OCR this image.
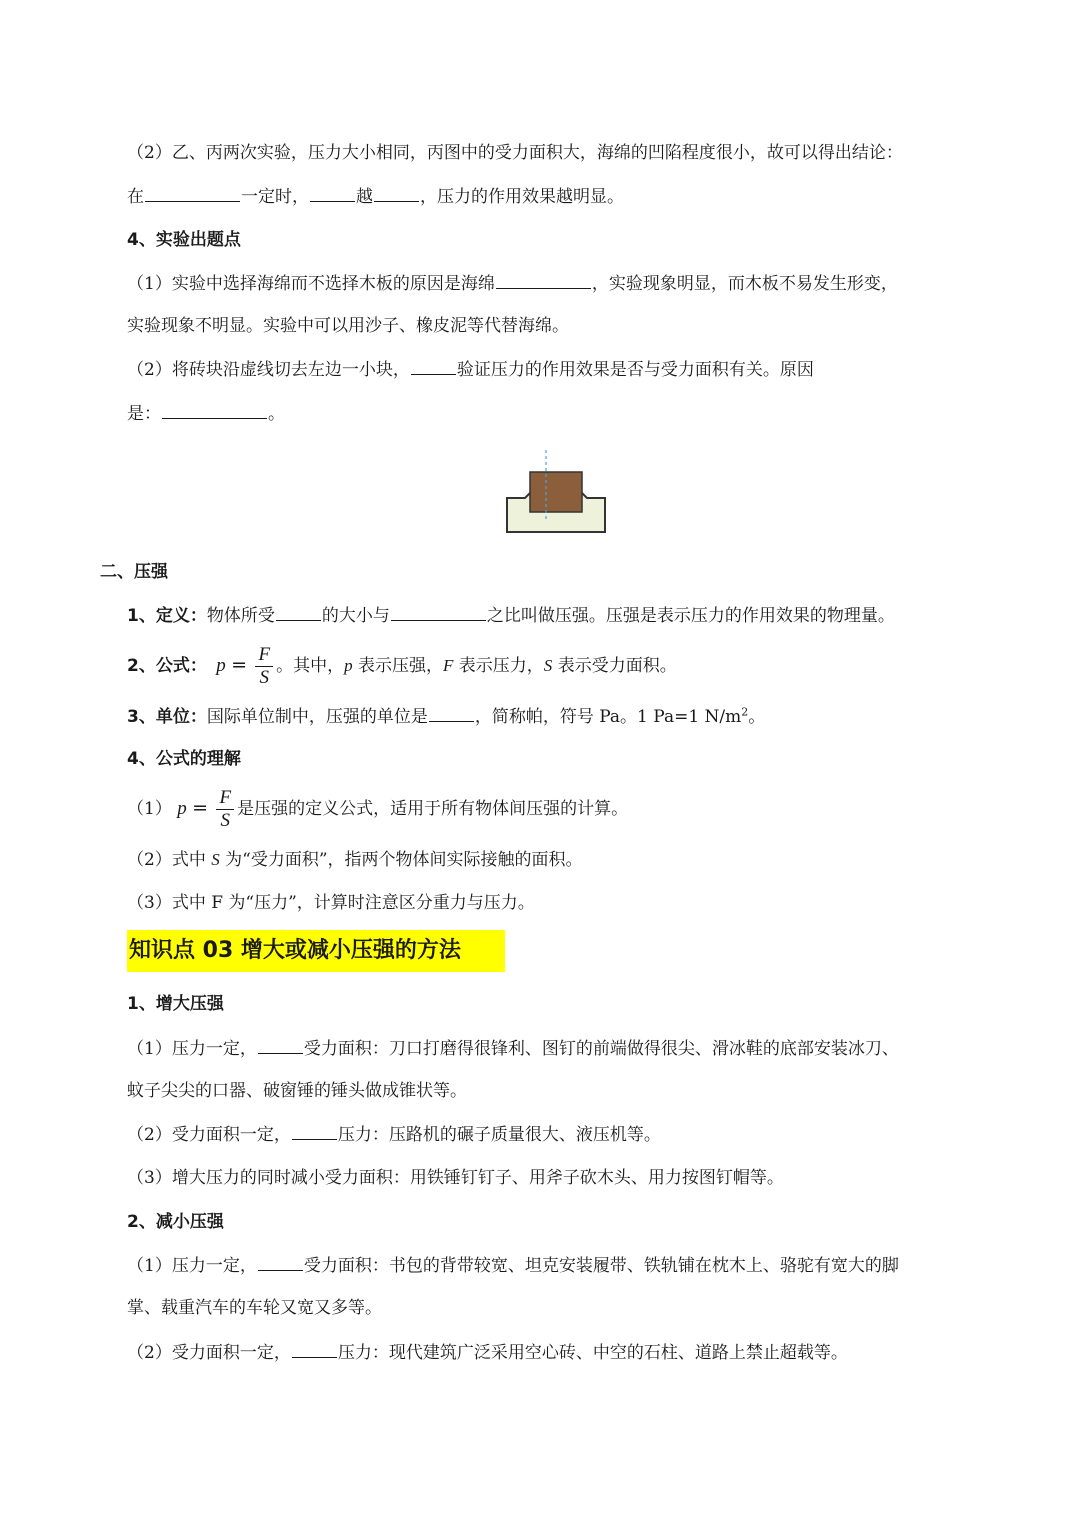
（2）乙、丙两次实验，压力大小相同，丙图中的受力面积大，海绵的凹陷程度很小，故可以得出结论：
在	一定时，	越	，压力的作用效果越明显。
4、实验出题点
（1）实验中选择海绵而不选择木板的原因是海绵	，实验现象明显，而木板不易发生形变，
实验现象不明显。实验中可以用沙子、橡皮泥等代替海绵。
（2）将砖块沿虚线切去左边一小块，	验证压力的作用效果是否与受力面积有关。原因
是：	。
二、压强
1、定义：物体所受	的大小与	之比叫做压强。压强是表示压力的作用效果的物理量。
2、公式： $p = \frac{F}{S}$ 。其中，p 表示压强，F 表示压力，S 表示受力面积。
3、单位：国际单位制中，压强的单位是	，简称帕，符号 Pa。1 Pa=1 $N/m^2$。
4、公式的理解
（1） $p = \frac{F}{S}$ 是压强的定义公式，适用于所有物体间压强的计算。
（2）式中 S 为“受力面积”，指两个物体间实际接触的面积。
（3）式中 F 为“压力”，计算时注意区分重力与压力。
知识点 03 增大或减小压强的方法
1、增大压强
（1）压力一定，	受力面积：刀口打磨得很锋利、图钉的前端做得很尖、滑冰鞋的底部安装冰刀、
蚊子尖尖的口器、破窗锤的锤头做成锥状等。
（2）受力面积一定，	压力：压路机的碾子质量很大、液压机等。
（3）增大压力的同时减小受力面积：用铁锤钉钉子、用斧子砍木头、用力按图钉帽等。
2、减小压强
（1）压力一定，	受力面积：书包的背带较宽、坦克安装履带、铁轨铺在枕木上、骆驼有宽大的脚
掌、载重汽车的车轮又宽又多等。
（2）受力面积一定，	压力：现代建筑广泛采用空心砖、中空的石柱、道路上禁止超载等。
